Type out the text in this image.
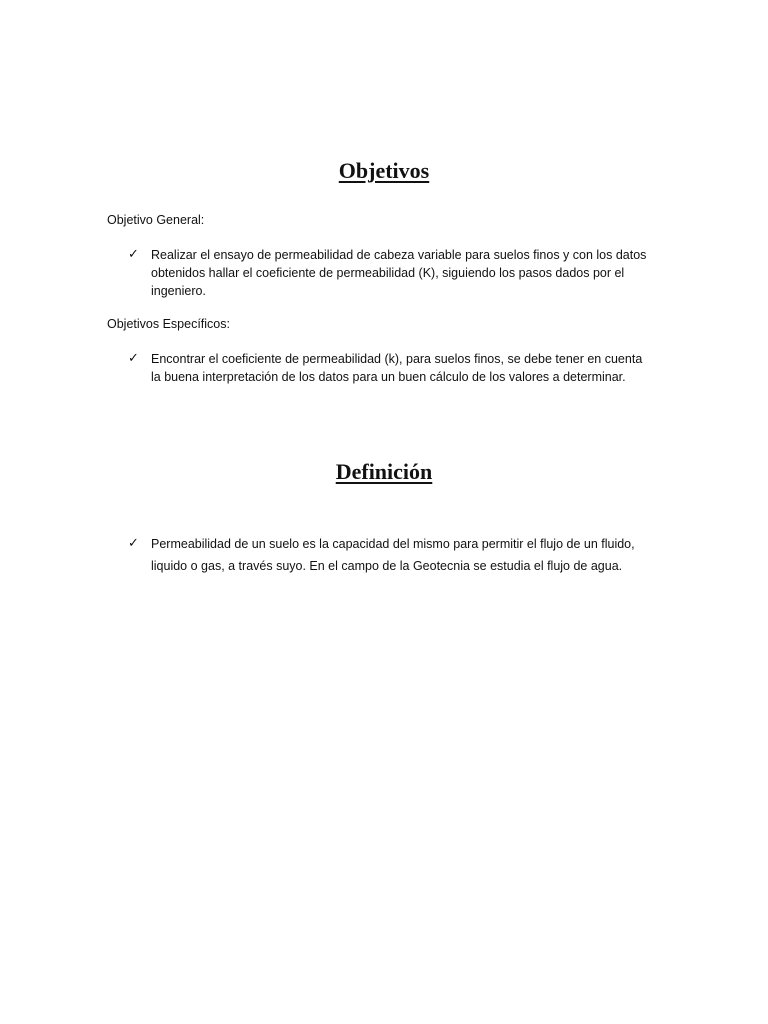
Objetivos
Objetivo General:
✓ Realizar el ensayo de permeabilidad de cabeza variable para suelos finos y con los datos obtenidos hallar el coeficiente de permeabilidad (K), siguiendo los pasos dados por el ingeniero.
Objetivos Específicos:
✓ Encontrar el coeficiente de permeabilidad (k), para suelos finos, se debe tener en cuenta la buena interpretación de los datos para un buen cálculo de los valores a determinar.
Definición
✓ Permeabilidad de un suelo es la capacidad del mismo para permitir el flujo de un fluido, liquido o gas, a través suyo. En el campo de la Geotecnia se estudia el flujo de agua.
